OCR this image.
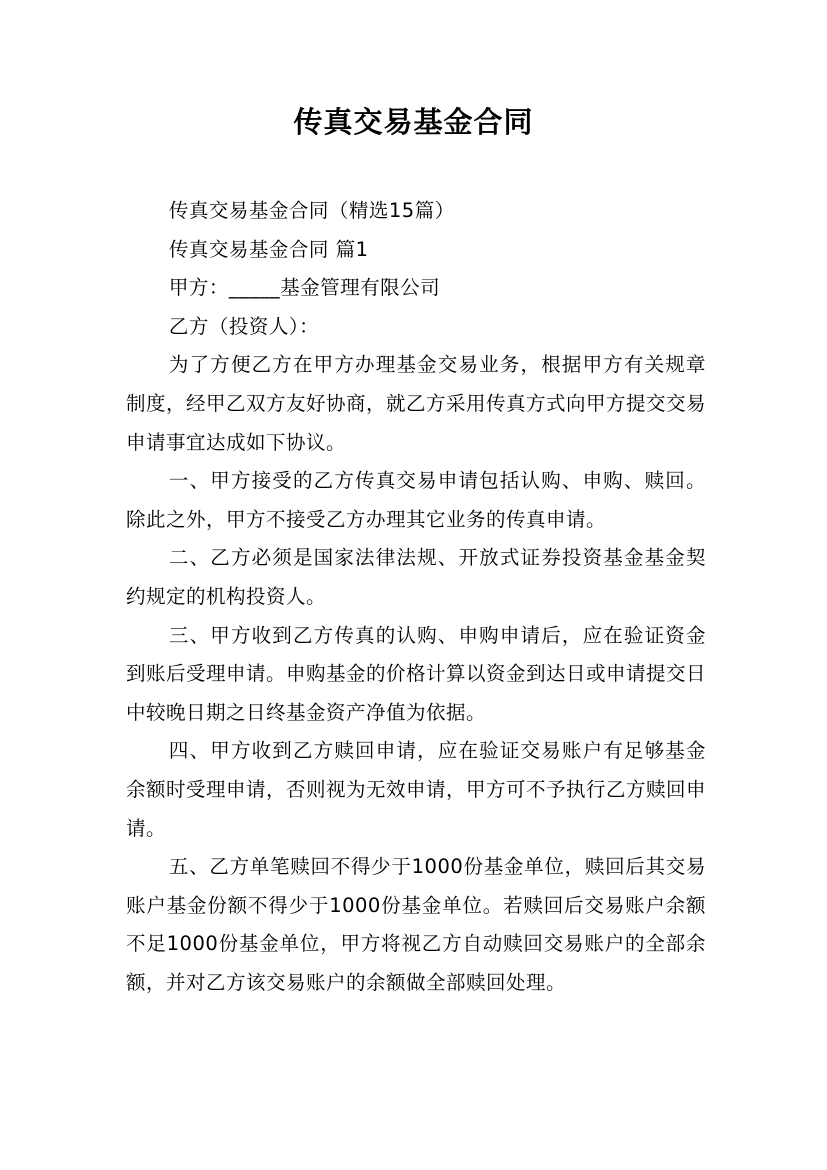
传真交易基金合同

传真交易基金合同（精选15篇）

传真交易基金合同 篇1

甲方：_____基金管理有限公司

乙方（投资人）：

为了方便乙方在甲方办理基金交易业务，根据甲方有关规章制度，经甲乙双方友好协商，就乙方采用传真方式向甲方提交交易申请事宜达成如下协议。

一、甲方接受的乙方传真交易申请包括认购、申购、赎回。除此之外，甲方不接受乙方办理其它业务的传真申请。

二、乙方必须是国家法律法规、开放式证券投资基金基金契约规定的机构投资人。

三、甲方收到乙方传真的认购、申购申请后，应在验证资金到账后受理申请。申购基金的价格计算以资金到达日或申请提交日中较晚日期之日终基金资产净值为依据。

四、甲方收到乙方赎回申请，应在验证交易账户有足够基金余额时受理申请，否则视为无效申请，甲方可不予执行乙方赎回申请。

五、乙方单笔赎回不得少于1000份基金单位，赎回后其交易账户基金份额不得少于1000份基金单位。若赎回后交易账户余额不足1000份基金单位，甲方将视乙方自动赎回交易账户的全部余额，并对乙方该交易账户的余额做全部赎回处理。
